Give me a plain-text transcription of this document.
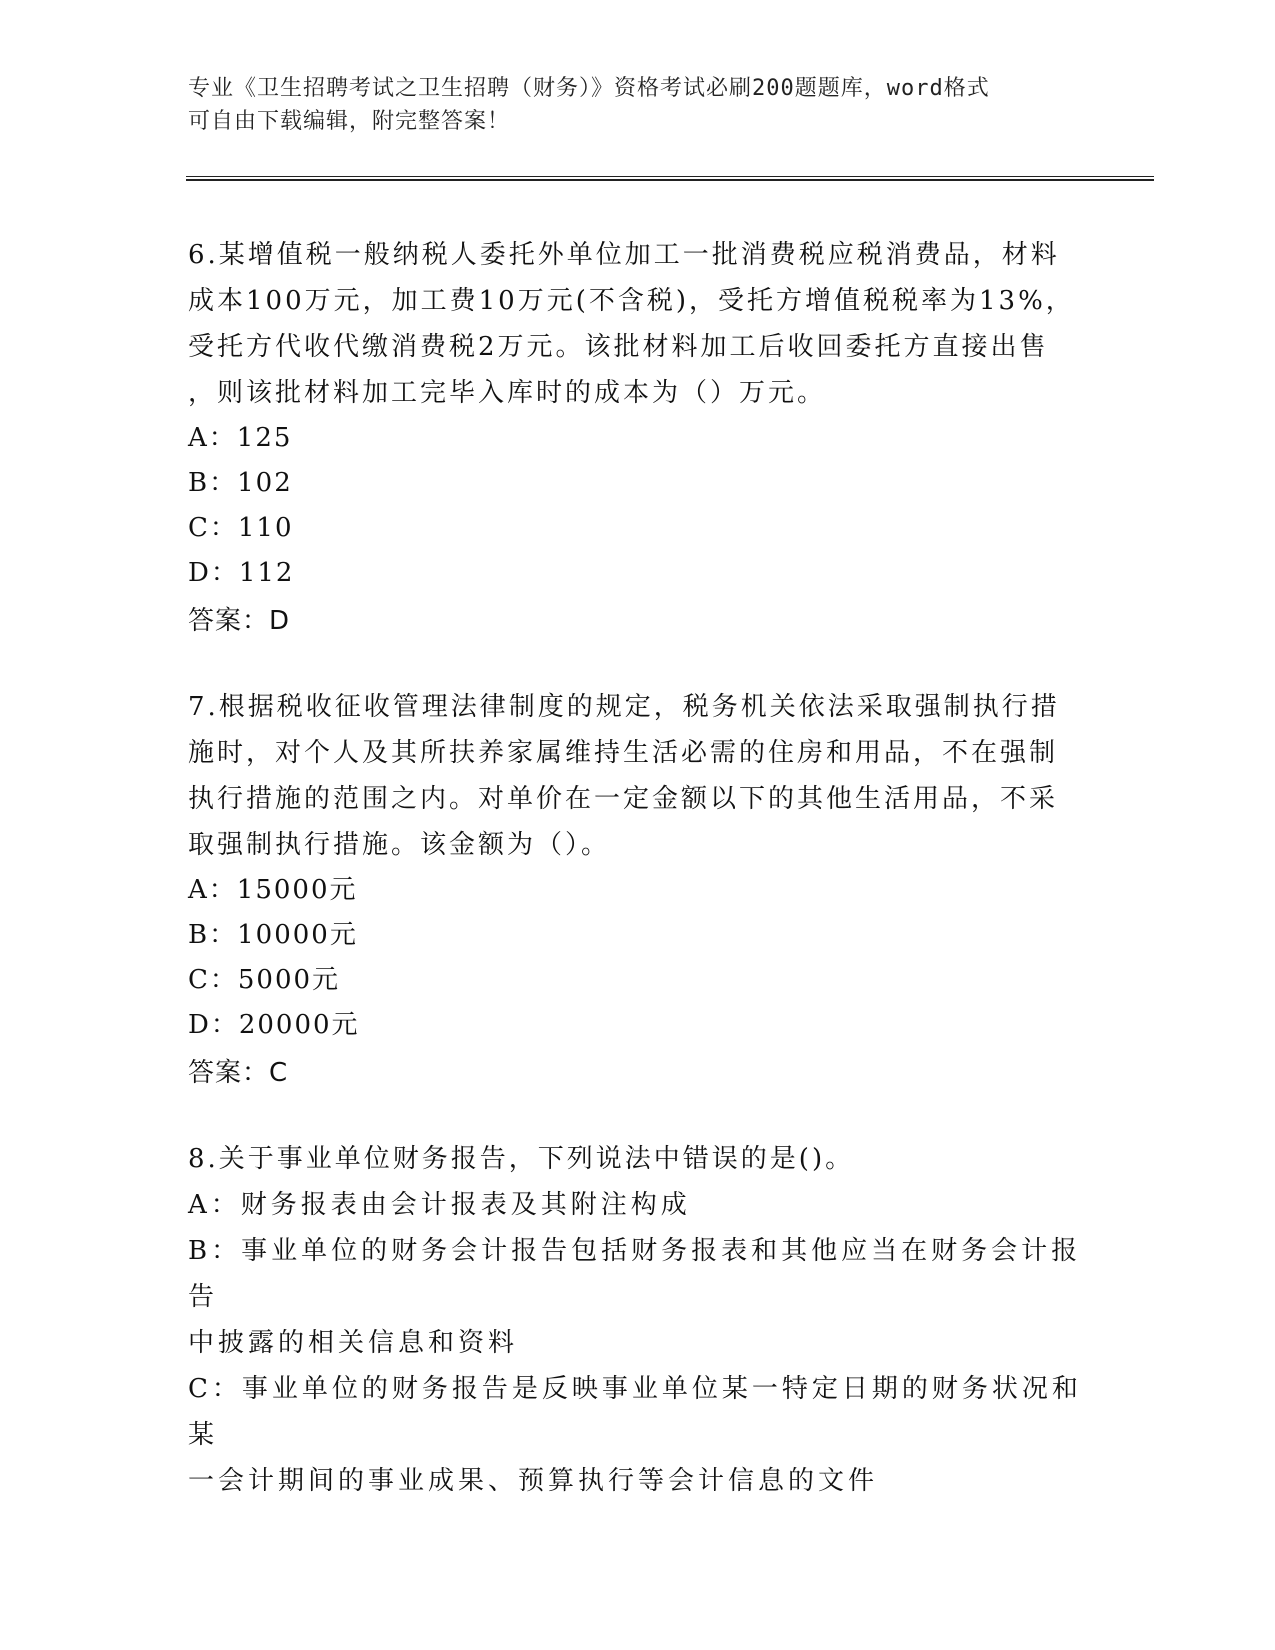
专业《卫生招聘考试之卫生招聘（财务）》资格考试必刷200题题库，word格式
可自由下载编辑，附完整答案！

6.某增值税一般纳税人委托外单位加工一批消费税应税消费品，材料
成本100万元，加工费10万元(不含税)，受托方增值税税率为13%，
受托方代收代缴消费税2万元。该批材料加工后收回委托方直接出售
，则该批材料加工完毕入库时的成本为（）万元。

A：125

B：102

C：110

D：112

答案：D

7.根据税收征收管理法律制度的规定，税务机关依法采取强制执行措
施时，对个人及其所扶养家属维持生活必需的住房和用品，不在强制
执行措施的范围之内。对单价在一定金额以下的其他生活用品，不采
取强制执行措施。该金额为（）。

A：15000元

B：10000元

C：5000元

D：20000元

答案：C

8.关于事业单位财务报告，下列说法中错误的是()。

A：财务报表由会计报表及其附注构成

B：事业单位的财务会计报告包括财务报表和其他应当在财务会计报告
中披露的相关信息和资料

C：事业单位的财务报告是反映事业单位某一特定日期的财务状况和某
一会计期间的事业成果、预算执行等会计信息的文件
